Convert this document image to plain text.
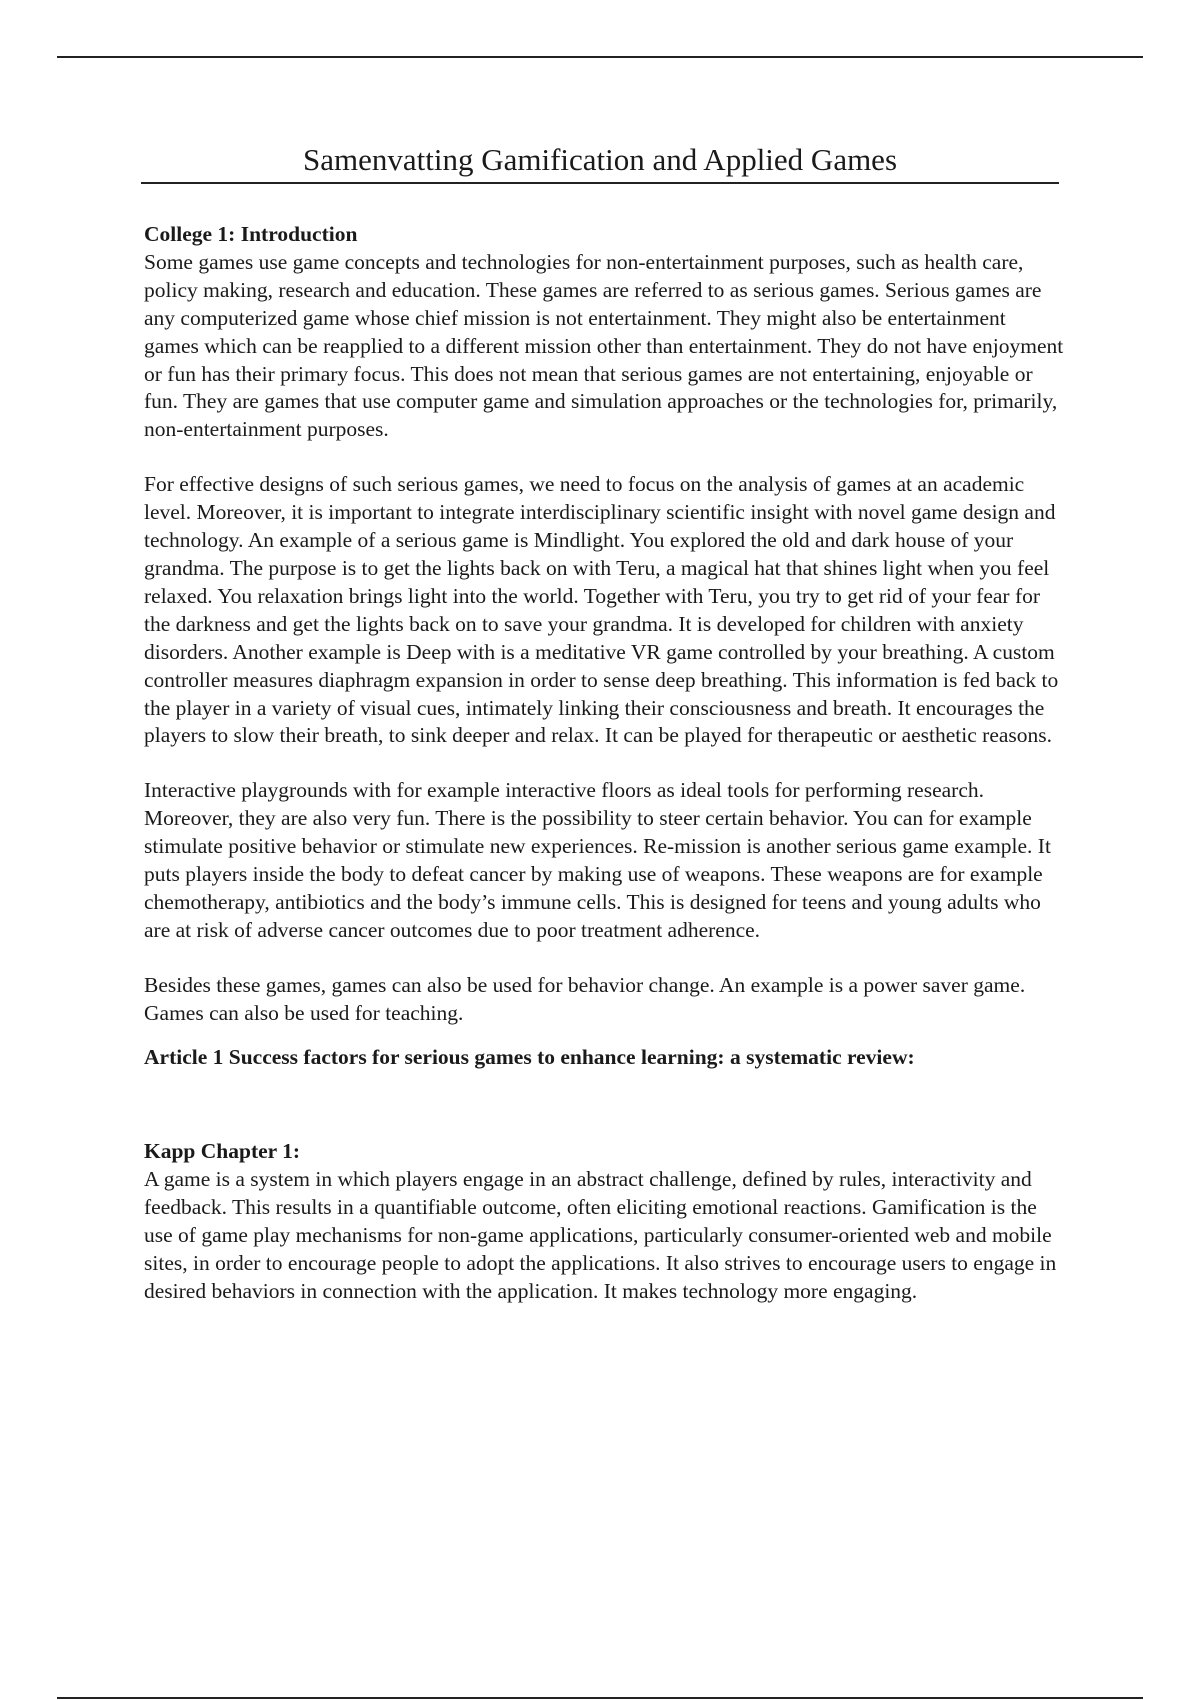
Samenvatting Gamification and Applied Games
College 1: Introduction

Some games use game concepts and technologies for non-entertainment purposes, such as health care, policy making, research and education. These games are referred to as serious games. Serious games are any computerized game whose chief mission is not entertainment. They might also be entertainment games which can be reapplied to a different mission other than entertainment. They do not have enjoyment or fun has their primary focus. This does not mean that serious games are not entertaining, enjoyable or fun. They are games that use computer game and simulation approaches or the technologies for, primarily, non-entertainment purposes.

For effective designs of such serious games, we need to focus on the analysis of games at an academic level. Moreover, it is important to integrate interdisciplinary scientific insight with novel game design and technology. An example of a serious game is Mindlight. You explored the old and dark house of your grandma. The purpose is to get the lights back on with Teru, a magical hat that shines light when you feel relaxed. You relaxation brings light into the world. Together with Teru, you try to get rid of your fear for the darkness and get the lights back on to save your grandma. It is developed for children with anxiety disorders. Another example is Deep with is a meditative VR game controlled by your breathing. A custom controller measures diaphragm expansion in order to sense deep breathing. This information is fed back to the player in a variety of visual cues, intimately linking their consciousness and breath. It encourages the players to slow their breath, to sink deeper and relax. It can be played for therapeutic or aesthetic reasons.

Interactive playgrounds with for example interactive floors as ideal tools for performing research. Moreover, they are also very fun. There is the possibility to steer certain behavior. You can for example stimulate positive behavior or stimulate new experiences. Re-mission is another serious game example. It puts players inside the body to defeat cancer by making use of weapons. These weapons are for example chemotherapy, antibiotics and the body’s immune cells. This is designed for teens and young adults who are at risk of adverse cancer outcomes due to poor treatment adherence.

Besides these games, games can also be used for behavior change. An example is a power saver game. Games can also be used for teaching.

Article 1 Success factors for serious games to enhance learning: a systematic review:
Kapp Chapter 1:

A game is a system in which players engage in an abstract challenge, defined by rules, interactivity and feedback. This results in a quantifiable outcome, often eliciting emotional reactions. Gamification is the use of game play mechanisms for non-game applications, particularly consumer-oriented web and mobile sites, in order to encourage people to adopt the applications. It also strives to encourage users to engage in desired behaviors in connection with the application. It makes technology more engaging.
